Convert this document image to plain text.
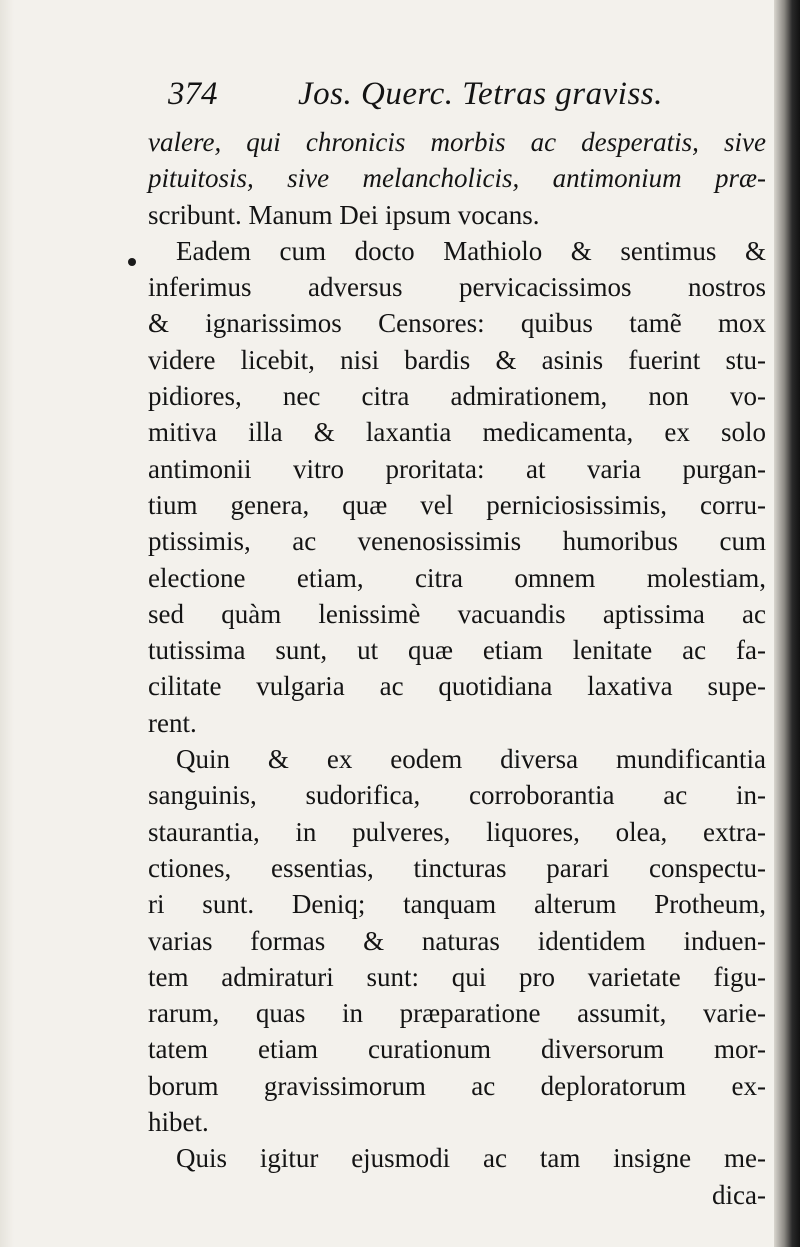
374 Jos. Querc. Tetras graviss.
valere, qui chronicis morbis ac desperatis, sive
pituitosis, sive melancholicis, antimonium præ-
scribunt. Manum Dei ipsum vocans.
Eadem cum docto Mathiolo & sentimus &
inferimus adversus pervicacissimos nostros
& ignarissimos Censores: quibus tamẽ mox
videre licebit, nisi bardis & asinis fuerint stu-
pidiores, nec citra admirationem, non vo-
mitiva illa & laxantia medicamenta, ex solo
antimonii vitro proritata: at varia purgan-
tium genera, quæ vel perniciosissimis, corru-
ptissimis, ac venenosissimis humoribus cum
electione etiam, citra omnem molestiam,
sed quàm lenissimè vacuandis aptissima ac
tutissima sunt, ut quæ etiam lenitate ac fa-
cilitate vulgaria ac quotidiana laxativa supe-
rent.
Quin & ex eodem diversa mundificantia
sanguinis, sudorifica, corroborantia ac in-
staurantia, in pulveres, liquores, olea, extra-
ctiones, essentias, tincturas parari conspectu-
ri sunt. Deniq; tanquam alterum Protheum,
varias formas & naturas identidem induen-
tem admiraturi sunt: qui pro varietate figu-
rarum, quas in præparatione assumit, varie-
tatem etiam curationum diversorum mor-
borum gravissimorum ac deploratorum ex-
hibet.
Quis igitur ejusmodi ac tam insigne me-
dica-
